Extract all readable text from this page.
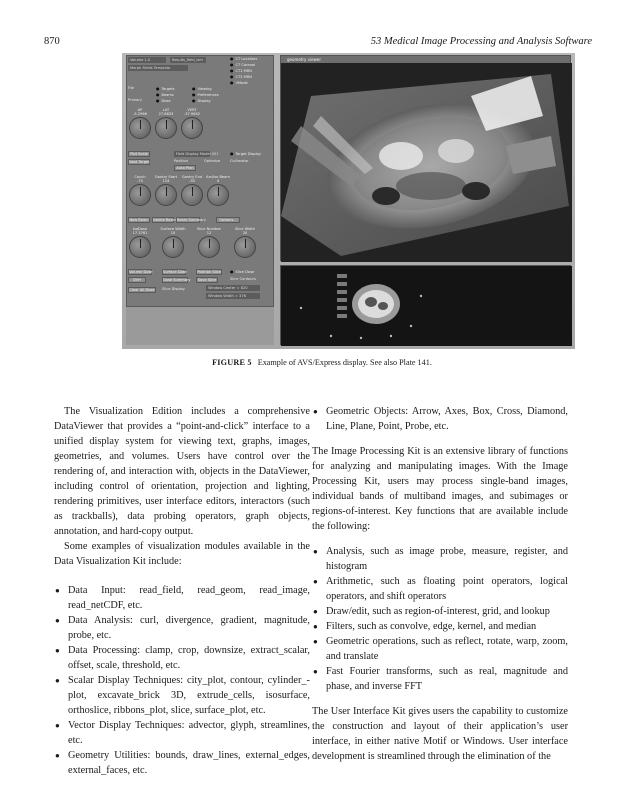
870	53 Medical Image Processing and Analysis Software
Volume 1.0	Results_field_ism
Morph Fields Template
● CT Localizer
● CT Coronal
● CT1 MRN
● CT2 MRN
● VMode
File	● Targets	● Viewing
● Beams	● Preferences
Primary	● Dose	● Display
AP
-5.2966
LAT
27.8633
VERT
-37.9642
Plot Scale	Field Display Model 001	● Target Display
Next Target	Position	Optimize	Collimator
Auto Plan
Couch
-70
Gantry Start
124
Gantry End
-35
Arc/Iso Beam
4
New Beam	Delete Beam Beam Summary	Options...
IsoDose
17.3761
Surface Width
10
Slice Number
12
Slice Width
20
Volume Dose	Surface Dose	Position Slice	● Slice Dose
DVH	Dose Summary	Save Slice	Slice Contours
Clear All Dose	Slice Display	Window Center = 820
Window Width = 376
geometry viewer
FIGURE 5 Example of AVS/Express display. See also Plate 141.

The Visualization Edition includes a comprehensive DataViewer that provides a “point-and-click” interface to a unified display system for viewing text, graphs, images, geometries, and volumes. Users have control over the rendering of, and interaction with, objects in the DataViewer, including control of orientation, projection and lighting, rendering primitives, user interface editors, interactors (such as trackballs), data probing operators, graph objects, annotation, and hard-copy output.

Some examples of visualization modules available in the Data Visualization Kit include:

● Data Input: read_field, read_geom, read_image, read_netCDF, etc.
● Data Analysis: curl, divergence, gradient, magnitude, probe, etc.
● Data Processing: clamp, crop, downsize, extract_scalar, offset, scale, threshold, etc.
● Scalar Display Techniques: city_plot, contour, cylinder_-plot, excavate_brick 3D, extrude_cells, isosurface, orthoslice, ribbons_plot, slice, surface_plot, etc.
● Vector Display Techniques: advector, glyph, streamlines, etc.
● Geometry Utilities: bounds, draw_lines, external_edges, external_faces, etc.
● Geometric Objects: Arrow, Axes, Box, Cross, Diamond, Line, Plane, Point, Probe, etc.

The Image Processing Kit is an extensive library of functions for analyzing and manipulating images. With the Image Processing Kit, users may process single-band images, individual bands of multiband images, and subimages or regions-of-interest. Key functions that are available include the following:

● Analysis, such as image probe, measure, register, and histogram
● Arithmetic, such as floating point operators, logical operators, and shift operators
● Draw/edit, such as region-of-interest, grid, and lookup
● Filters, such as convolve, edge, kernel, and median
● Geometric operations, such as reflect, rotate, warp, zoom, and translate
● Fast Fourier transforms, such as real, magnitude and phase, and inverse FFT

The User Interface Kit gives users the capability to customize the construction and layout of their application’s user interface, in either native Motif or Windows. User interface development is streamlined through the elimination of the
